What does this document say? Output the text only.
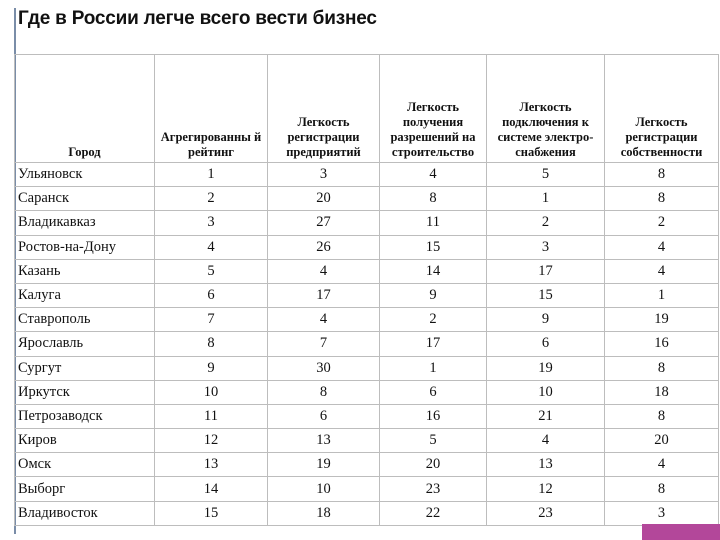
Где в России легче всего вести бизнес
Город	Агрегированны й рейтинг	Легкость регистрации предприятий	Легкость получения разрешений на строительство	Легкость подключения к системе электро- снабжения	Легкость регистрации собственности
Ульяновск	1	3	4	5	8
Саранск	2	20	8	1	8
Владикавказ	3	27	11	2	2
Ростов-на-Дону	4	26	15	3	4
Казань	5	4	14	17	4
Калуга	6	17	9	15	1
Ставрополь	7	4	2	9	19
Ярославль	8	7	17	6	16
Сургут	9	30	1	19	8
Иркутск	10	8	6	10	18
Петрозаводск	11	6	16	21	8
Киров	12	13	5	4	20
Омск	13	19	20	13	4
Выборг	14	10	23	12	8
Владивосток	15	18	22	23	3
